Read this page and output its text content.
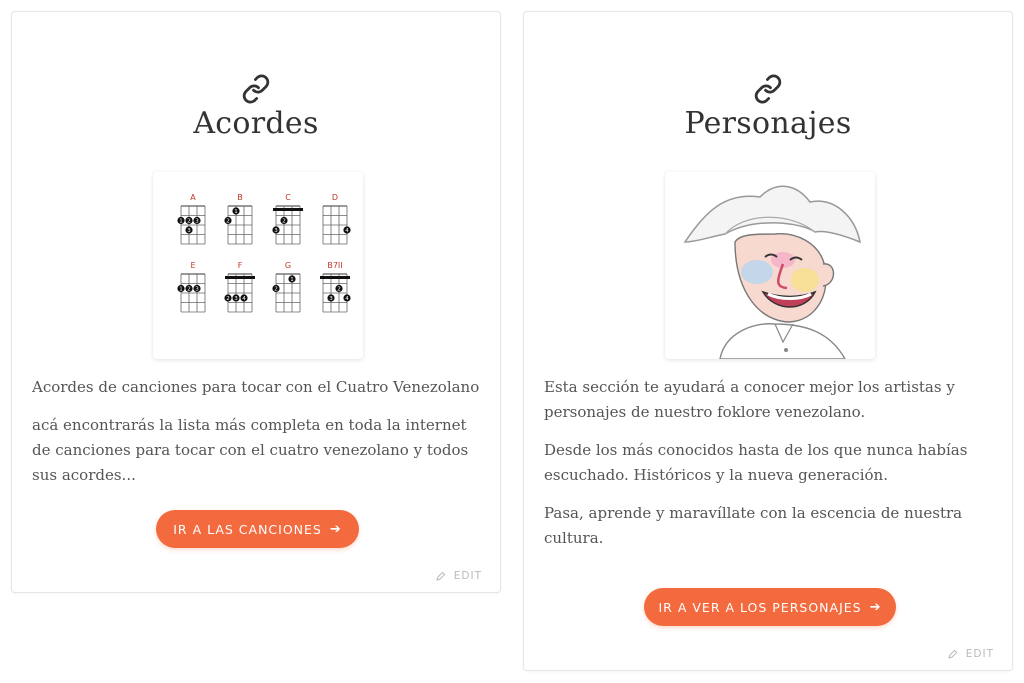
Acordes
A
1 2 3
3
B
1
2
C
2
3
D
4
E
1 2 3
F
2 3 4
G
1
2
B7II
2
3 4

Acordes de canciones para tocar con el Cuatro Venezolano

acá encontrarás la lista más completa en toda la internet de canciones para tocar con el cuatro venezolano y todos sus acordes...

IR A LAS CANCIONES ➔
EDIT
Personajes

Esta sección te ayudará a conocer mejor los artistas y personajes de nuestro foklore venezolano.

Desde los más conocidos hasta de los que nunca habías escuchado. Históricos y la nueva generación.

Pasa, aprende y maravíllate con la escencia de nuestra cultura.

IR A VER A LOS PERSONAJES ➔
EDIT
